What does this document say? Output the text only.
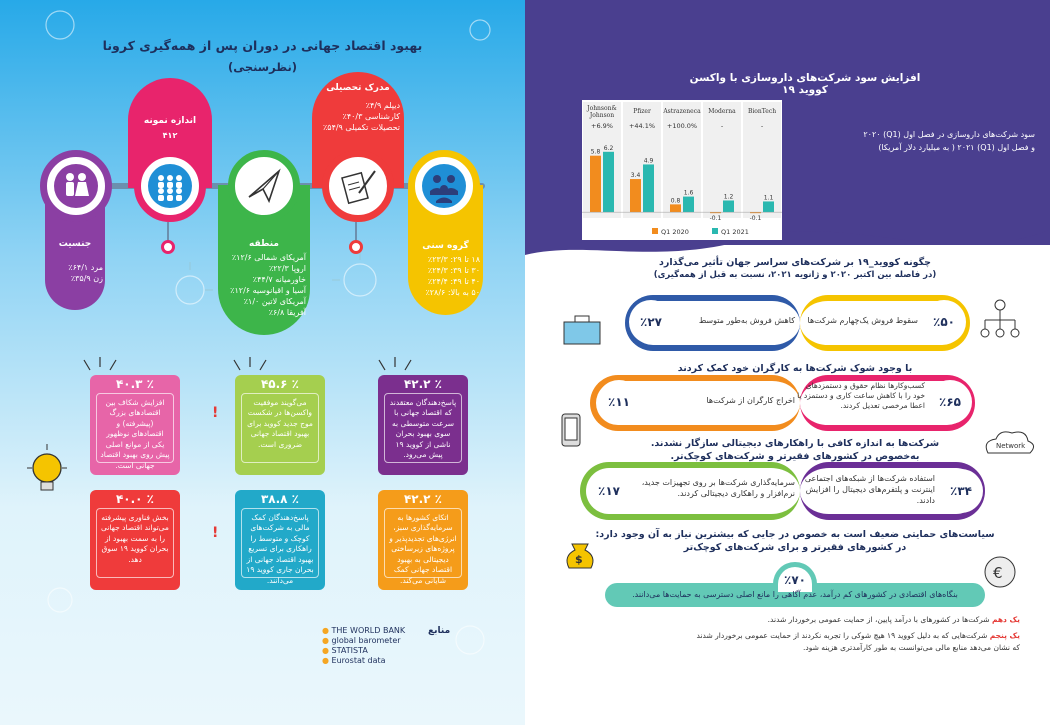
بهبود اقتصاد جهانی در دوران پس از همه‌گیری کرونا
(نظرسنجی)
جنسیت
مرد ۶۴/۱٪
زن ۳۵/۹٪
اندازه نمونه
۴۱۲
منطقه
آمریکای شمالی ۱۲/۶٪
اروپا ۲۲/۳٪
خاورمیانه ۴۴/۷٪
آسیا و اقیانوسیه ۱۲/۶٪
آمریکای لاتین ۱/۰٪
آفریقا ۶/۸٪
مدرک تحصیلی
دیپلم ۴/۹٪
کارشناسی ۴۰/۳٪
تحصیلات تکمیلی ۵۴/۹٪
گروه سنی
۱۸ تا ۲۹: ۲۳/۳٪
۳۰ تا ۳۹: ۲۴/۳٪
۴۰ تا ۴۹: ۲۴/۴٪
۵۰ به بالا: ۲۸/۶٪
٪ ۴۰.۳
افزایش شکاف بین اقتصادهای بزرگ (پیشرفته) و اقتصادهای نوظهور یکی از موانع اصلی پیش روی بهبود اقتصاد جهانی است.
٪ ۴۵.۶
می‌گویند موفقیت واکسن‌ها در شکست موج جدید کووید برای بهبود اقتصاد جهانی ضروری است.
٪ ۴۲.۲
پاسخ‌دهندگان معتقدند که اقتصاد جهانی با سرعت متوسطی به سوی بهبود بحران ناشی از کووید ۱۹ پیش می‌رود.
٪ ۴۰.۰
بخش فناوری پیشرفته می‌تواند اقتصاد جهانی را به سمت بهبود از بحران کووید ۱۹ سوق دهد.
٪ ۳۸.۸
پاسخ‌دهندگان کمک مالی به شرکت‌های کوچک و متوسط را راهکاری برای تسریع بهبود اقتصاد جهانی از بحران جاری کووید ۱۹ می‌دانند.
٪ ۴۲.۲
اتکای کشورها به سرمایه‌گذاری سبز، انرژی‌های تجدیدپذیر و پروژه‌های زیرساختی دیجیتالی به بهبود اقتصاد جهانی کمک شایانی می‌کند.
!
!
● THE WORLD BANK
● global barometer
● STATISTA
● Eurostat data
منابع
افزایش سود شرکت‌های داروسازی با واکسن کووید ۱۹
Johnson& Johnson
+6.9%
5.8
6.2
Pfizer
+44.1%
3.4
4.9
Astrazeneca
+100.0%
0.8
1.6
Moderna
-
-0.1
1.2
BionTech
-
-0.1
1.1
Q1 2020	Q1 2021
سود شرکت‌های داروسازی در فصل اول (Q1) ۲۰۲۰
و فصل اول (Q1) ۲۰۲۱ ( به میلیارد دلار آمریکا)
چگونه کووید_۱۹ بر شرکت‌های سراسر جهان تأثیر می‌گذارد
(در فاصله بین اکتبر ۲۰۲۰ و ژانویه ۲۰۲۱، نسبت به قبل از همه‌گیری)
٪۲۷	کاهش فروش به‌طور متوسط	٪۵۰
سقوط فروش یک‌چهارم شرکت‌ها
با وجود شوک شرکت‌ها به کارگران خود کمک کردند
٪۱۱	اخراج کارگران از شرکت‌ها	٪۶۵
کسب‌وکارها نظام حقوق و دستمزدهای خود را با کاهش ساعت کاری و دستمزد یا اعطا مرخصی تعدیل کردند.
Network
شرکت‌ها به اندازه کافی با راهکارهای دیجیتالی سازگار نشدند.
به‌خصوص در کشورهای فقیرتر و شرکت‌های کوچک‌تر.
٪۱۷
سرمایه‌گذاری شرکت‌ها بر روی تجهیزات جدید، نرم‌افزار و راهکاری دیجیتالی کردند.	٪۳۴
استفاده شرکت‌ها از شبکه‌های اجتماعی اینترنت و پلتفرم‌های دیجیتال را افزایش دادند.
سیاست‌های حمایتی ضعیف است به خصوص در جایی که بیشترین نیاز به آن وجود دارد:
در کشورهای فقیرتر و برای شرکت‌های کوچک‌تر
$
€
٪۷۰
بنگاه‌های اقتصادی در کشورهای کم درآمد، عدم آگاهی را مانع اصلی دسترسی به حمایت‌ها می‌دانند.
یک دهم شرکت‌ها در کشورهای با درآمد پایین، از حمایت عمومی برخوردار شدند.
یک پنجم شرکت‌هایی که به دلیل کووید ۱۹ هیچ شوکی را تجربه نکردند از حمایت عمومی برخوردار شدند
که نشان می‌دهد منابع مالی می‌توانست به طور کارآمدتری هزینه شود.
